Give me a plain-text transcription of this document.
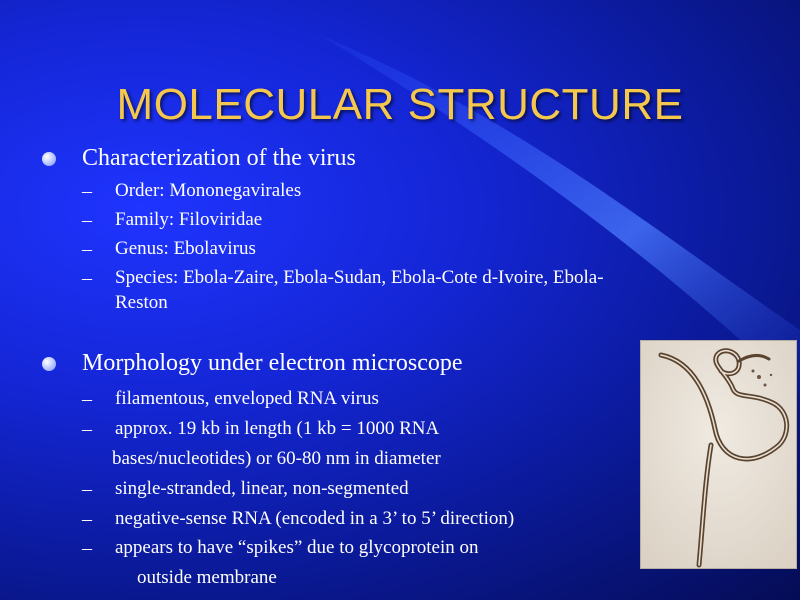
MOLECULAR STRUCTURE
Characterization of the virus
– Order: Mononegavirales
– Family: Filoviridae
– Genus: Ebolavirus
– Species: Ebola-Zaire, Ebola-Sudan, Ebola-Cote d-Ivoire, Ebola-
Reston
Morphology under electron microscope
– filamentous, enveloped RNA virus
– approx. 19 kb in length (1 kb = 1000 RNA
bases/nucleotides) or 60-80 nm in diameter
– single-stranded, linear, non-segmented
– negative-sense RNA (encoded in a 3’ to 5’ direction)
– appears to have “spikes” due to glycoprotein on
outside membrane
